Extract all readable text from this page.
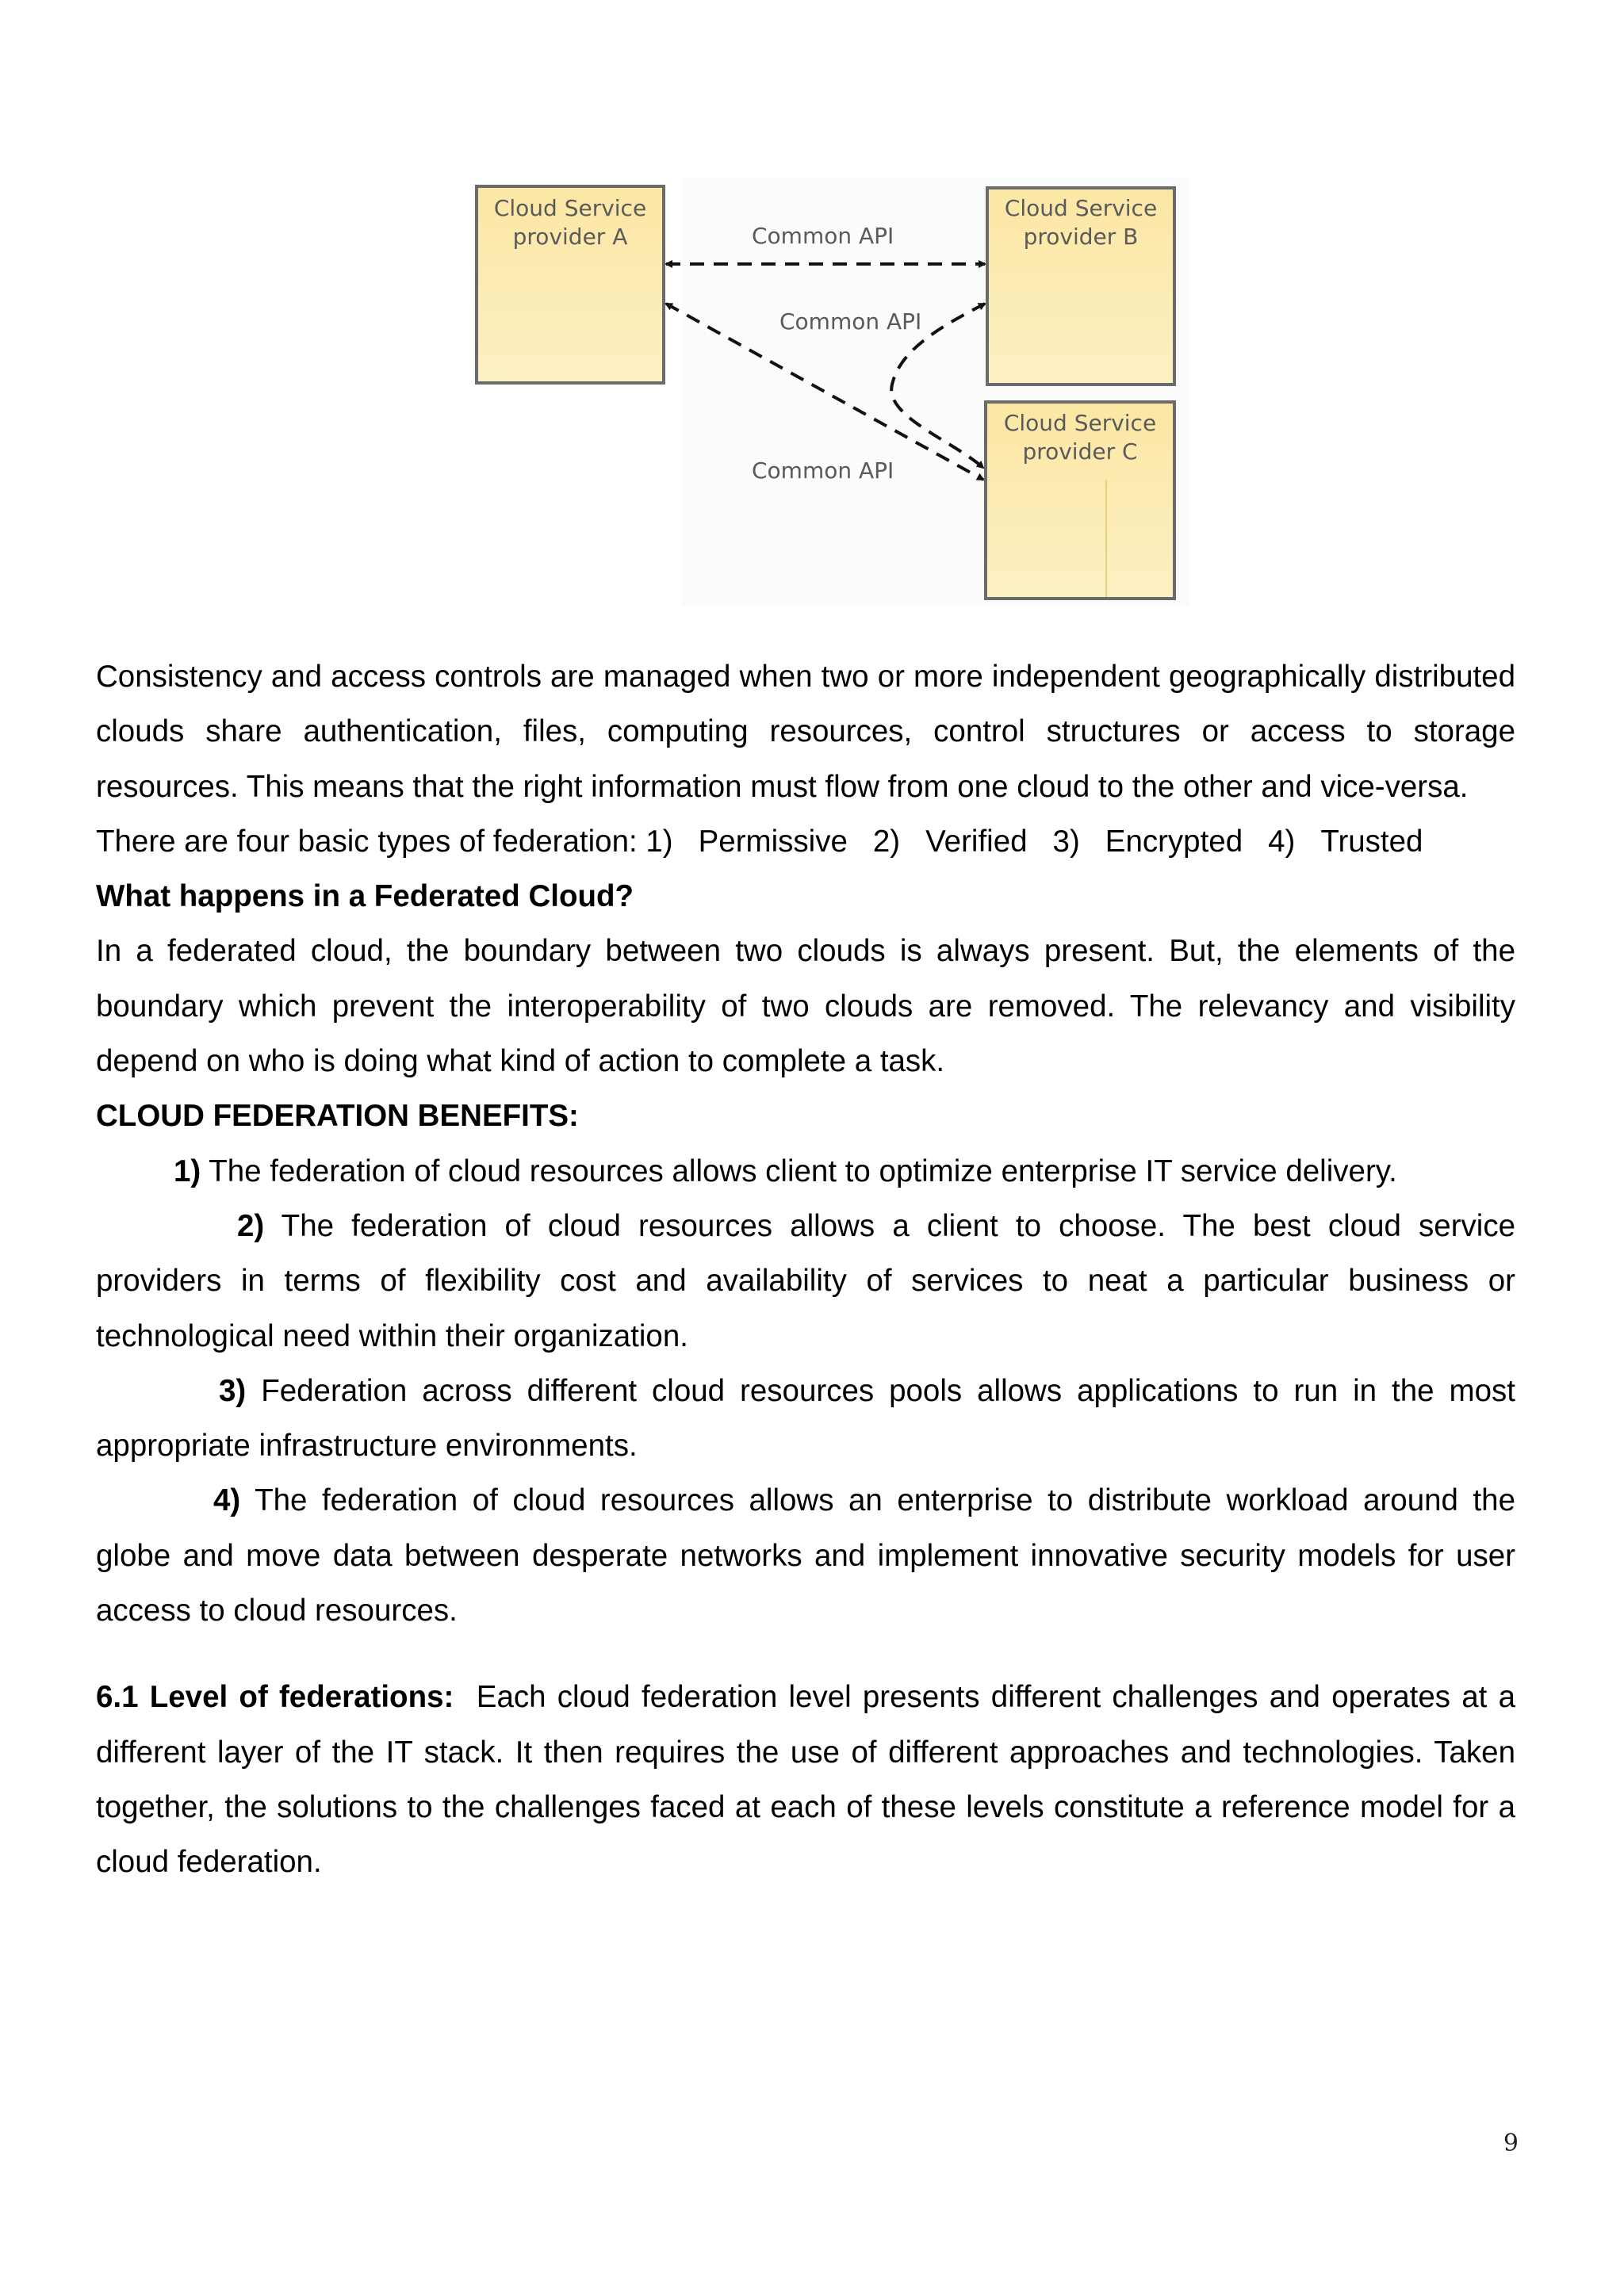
Cloud Service
provider A
Cloud Service
provider B
Cloud Service
provider C
Common API
Common API
Common API

Consistency and access controls are managed when two or more independent geographically distributed clouds share authentication, files, computing resources, control structures or access to storage resources. This means that the right information must flow from one cloud to the other and vice-versa.

There are four basic types of federation: 1) Permissive 2) Verified 3) Encrypted 4) Trusted

What happens in a Federated Cloud?

In a federated cloud, the boundary between two clouds is always present. But, the elements of the boundary which prevent the interoperability of two clouds are removed. The relevancy and visibility depend on who is doing what kind of action to complete a task.

CLOUD FEDERATION BENEFITS:

1) The federation of cloud resources allows client to optimize enterprise IT service delivery.

2) The federation of cloud resources allows a client to choose. The best cloud service providers in terms of flexibility cost and availability of services to neat a particular business or technological need within their organization.

3) Federation across different cloud resources pools allows applications to run in the most appropriate infrastructure environments.

4) The federation of cloud resources allows an enterprise to distribute workload around the globe and move data between desperate networks and implement innovative security models for user access to cloud resources.

6.1 Level of federations:  Each cloud federation level presents different challenges and operates at a different layer of the IT stack. It then requires the use of different approaches and technologies. Taken together, the solutions to the challenges faced at each of these levels constitute a reference model for a cloud federation.

9
